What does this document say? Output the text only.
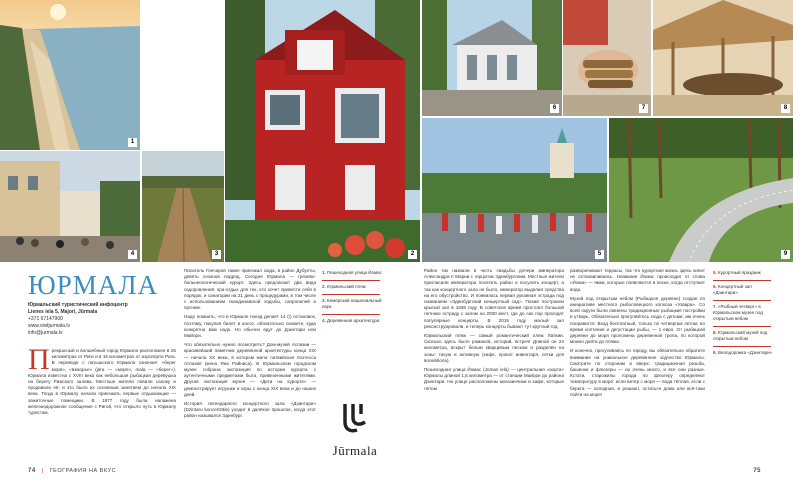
1
2
3
4	5
6	7	8
9
ЮРМАЛА
Юрмальский туристический инфоцентр
Lienes iela 5, Majori, Jūrmala
+371 67147900
www.visitjurmala.lv
info@jurmala.lv

П рекрасный и волшебный город Юрмала расположен в 25 километрах от Риги и в 15 километрах от аэропорта Рига. В переводе с латышского Юрмала означает «берег моря», «взморье» (jūra — «море», mala — «берег»). Юрмала известна с XVIII века как небольшая рыбацкая деревушка на берегу Рижского залива. Местные жители ловили салаку и продавали её, и это было их основным занятием до начала XIX века. Тогда в Юрмалу начали приезжать первые отдыхающие — зажиточные помещики. В 1877 году была налажена железнодорожное сообщение с Ригой, что открыло путь в Юрмалу туристам.

Писатель Гончаров также приезжал сюда, в район Дубулты, девять сезонов подряд. Сегодня Юрмала — грязево-бальнеологический курорт. Здесь предлагают два вида оздоровления: spa-отдых для тех, кто хочет привести себя в порядок, и санатории на 21 день с процедурами, в том числе с использованием скандинавской ходьбы, сапропелей и прочим.

Надо помнить, что в Юрмале поезд делает 14 (!) остановок, поэтому, покупая билет в кассе, обязательно скажите, куда конкретно вам надо. Но обычно едут до Дзинтари или Майори.

Что обязательно нужно посмотреть? Дом-музей Аспазии — красивейший памятник деревянной архитектуры конца XIX — начала XX века, в котором жила латвийская поэтесса Аспазия (жена Яна Райниса). В Юрмальском городском музее собрана экспозиция по истории курорта с аутентичными предметами быта, привезенными жителями. Другая экспозиция музея — «Дети на курорте» — демонстрирует игрушки и игры с конца XIX века и до наших дней.

История легендарного концертного зала «Дзинтари» (Dzintaru koncertzāle) уходит в далёкое прошлое, когда этот район назывался Эдинбург.

1. Пешеходная улица Йомас
2. Юрмальский пляж
3. Кемерский национальный парк
4. Деревянная архитектура
Jūrmala

Район так назвали в честь свадьбы дочери императора Александра II Марии с герцогом Эдинбургским. Местные жители пригласили императора посетить район и посулить концерт, а так как концертного зала не было, император выделил средства на его обустройство. И появилась первая рукавная эстрада под названием «Эдинбургский концертный сад». Позже построили крытый зал в 1936 году. В советское время простоял большой летнюю эстраду с залом на 2000 мест, где до сих пор проходят популярные концерты. В 2015 году малый зал реконструировали, и теперь концерты бывают тут круглый год.

Юрмальский пляж — самый романтический пляж Латвии. Сколько здесь было романов, историй, встреч! Длиной он 24 километра, вскрыт белым кварцевым песком и разделён на зоны: тихую и активную (кафе, прокат инвентаря, сетки для волейбола).

Пешеходная улица Йомас (Jomas iela) — центральная «аорта» Юрмалы длиной 1,5 километра — от станции Майори до района Дзинтари. На улице расположены магазинчики и кафе, которые летом

разворачивают террасы, так что курортная жизнь здесь кипит не останавливаясь. Название Йомас происходит от слова «Йома» — ямки, которые появляются в песке, когда отступает вода.

Музей под открытым небом (Рыбацкое деревне) создан по инициативе местного рыболовецкого колхоза «Узвара». Со всей округи были свезены традиционные рыбацкие постройки и утварь. Обязательно прогуляйтесь сюда с детьми, им очень понравится. Вход бесплатный, только по четвергам летом, во время коптения и дегустации рыбы, — 1 евро. От рыбацкой деревни до моря проложена деревянная тропа, по которой можно дойти до пляжа.

И конечно, прогуливаясь по городу, вы обязательно обратите внимание на уникальное деревянное зодчество Юрмалы. Смотрите по сторонам и вверх: традиционная резьба, башенки и флюгеры — их очень много, и все они разные. Кстати, старожилы города по флюгеру определяют температуру в море: если ветер с моря — вода тёплая, если с берега — холодная, и решают, остаться дома или всё-таки пойти на море!

5. Курортный праздник
6. Концертный зал «Дзинтари»
7. «Рыбный четверг» в Юрмальском музее под открытым небом
8. Юрмальский музей под открытым небом
9. Велодорожка «Дзинтари»
74 | ГЕОГРАФИЯ НА ВКУС	75
